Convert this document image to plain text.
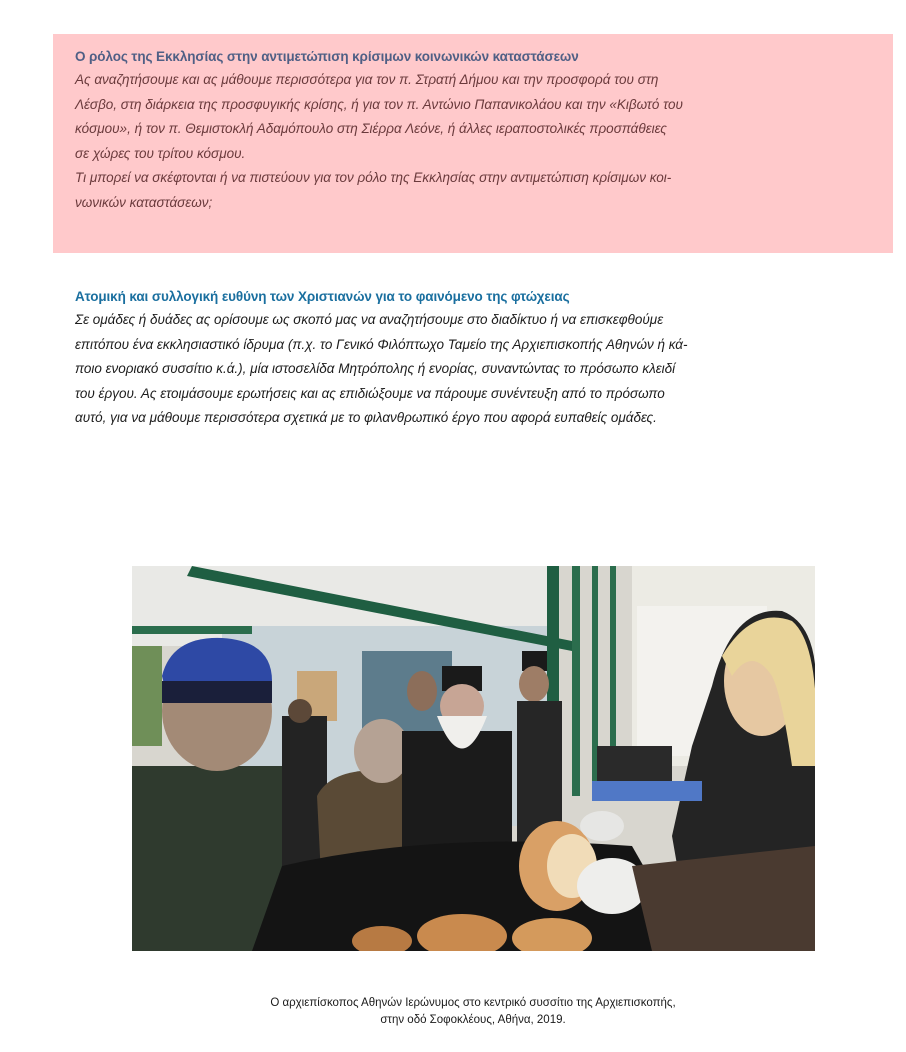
Ο ρόλος της Εκκλησίας στην αντιμετώπιση κρίσιμων κοινωνικών καταστάσεων

Ας αναζητήσουμε και ας μάθουμε περισσότερα για τον π. Στρατή Δήμου και την προσφορά του στη
Λέσβο, στη διάρκεια της προσφυγικής κρίσης, ή για τον π. Αντώνιο Παπανικολάου και την «Κιβωτό του
κόσμου», ή τον π. Θεμιστοκλή Αδαμόπουλο στη Σιέρρα Λεόνε, ή άλλες ιεραποστολικές προσπάθειες
σε χώρες του τρίτου κόσμου.
Τι μπορεί να σκέφτονται ή να πιστεύουν για τον ρόλο της Εκκλησίας στην αντιμετώπιση κρίσιμων κοι-
νωνικών καταστάσεων;

Ατομική και συλλογική ευθύνη των Χριστιανών για το φαινόμενο της φτώχειας

Σε ομάδες ή δυάδες ας ορίσουμε ως σκοπό μας να αναζητήσουμε στο διαδίκτυο ή να επισκεφθούμε
επιτόπου ένα εκκλησιαστικό ίδρυμα (π.χ. το Γενικό Φιλόπτωχο Ταμείο της Αρχιεπισκοπής Αθηνών ή κά-
ποιο ενοριακό συσσίτιο κ.ά.), μία ιστοσελίδα Μητρόπολης ή ενορίας, συναντώντας το πρόσωπο κλειδί
του έργου. Ας ετοιμάσουμε ερωτήσεις και ας επιδιώξουμε να πάρουμε συνέντευξη από το πρόσωπο
αυτό, για να μάθουμε περισσότερα σχετικά με το φιλανθρωπικό έργο που αφορά ευπαθείς ομάδες.

Ο αρχιεπίσκοπος Αθηνών Ιερώνυμος στο κεντρικό συσσίτιο της Αρχιεπισκοπής,
στην οδό Σοφοκλέους, Αθήνα, 2019.
